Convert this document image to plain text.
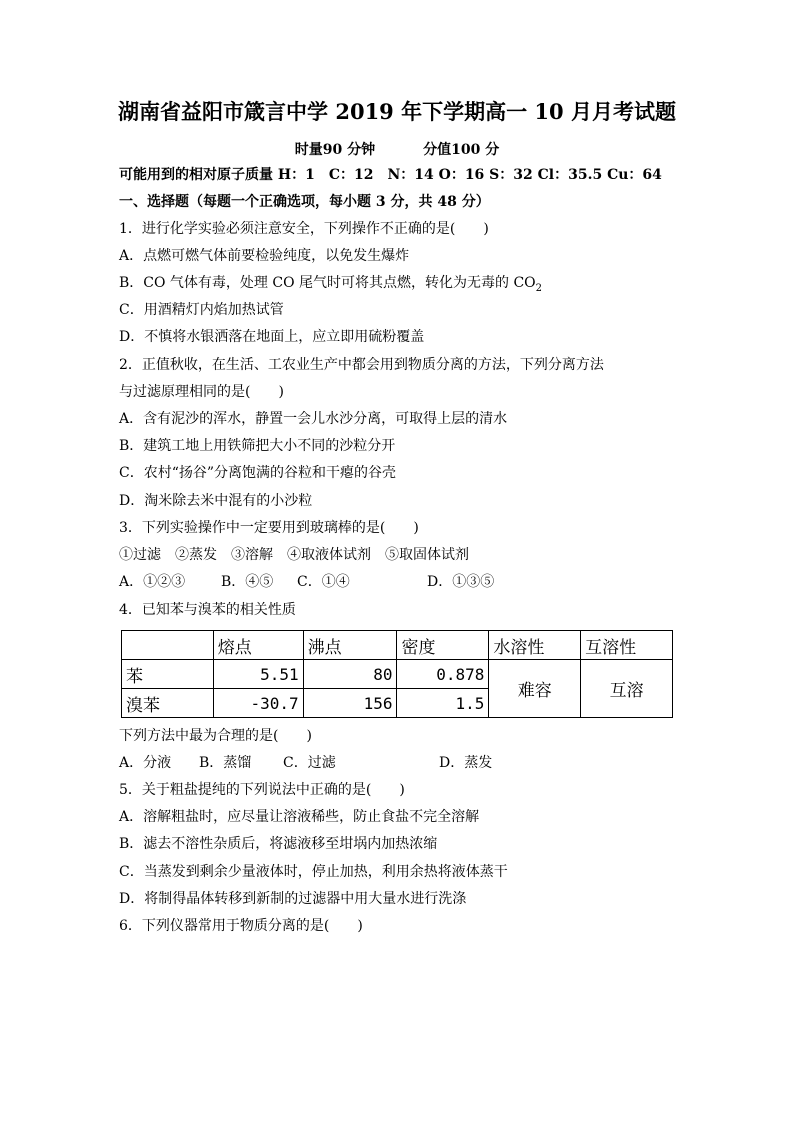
湖南省益阳市箴言中学 2019 年下学期高一 10 月月考试题
时量90 分钟	分值100 分
可能用到的相对原子质量 H：1　C：12　N：14 O：16 S：32 Cl：35.5 Cu：64
一、选择题（每题一个正确选项，每小题 3 分，共 48 分）
1．进行化学实验必须注意安全，下列操作不正确的是(　　)
A．点燃可燃气体前要检验纯度，以免发生爆炸
B．CO 气体有毒，处理 CO 尾气时可将其点燃，转化为无毒的 $CO_2$
C．用酒精灯内焰加热试管
D．不慎将水银洒落在地面上，应立即用硫粉覆盖
2．正值秋收，在生活、工农业生产中都会用到物质分离的方法，下列分离方法
与过滤原理相同的是(　　)
A．含有泥沙的浑水，静置一会儿水沙分离，可取得上层的清水
B．建筑工地上用铁筛把大小不同的沙粒分开
C．农村“扬谷”分离饱满的谷粒和干瘪的谷壳
D．淘米除去米中混有的小沙粒
3．下列实验操作中一定要用到玻璃棒的是(　　)
①过滤　②蒸发　③溶解　④取液体试剂　⑤取固体试剂
A．①②③	B．④⑤ C．①④	D．①③⑤
4．已知苯与溴苯的相关性质
	熔点	沸点	密度	水溶性	互溶性
苯	5.51	80	0.878	难容	互溶
溴苯	-30.7	156	1.5		
下列方法中最为合理的是(　　)
A．分液 B．蒸馏 C．过滤	D．蒸发
5．关于粗盐提纯的下列说法中正确的是(　　)
A．溶解粗盐时，应尽量让溶液稀些，防止食盐不完全溶解
B．滤去不溶性杂质后，将滤液移至坩埚内加热浓缩
C．当蒸发到剩余少量液体时，停止加热，利用余热将液体蒸干
D．将制得晶体转移到新制的过滤器中用大量水进行洗涤
6．下列仪器常用于物质分离的是(　　)
